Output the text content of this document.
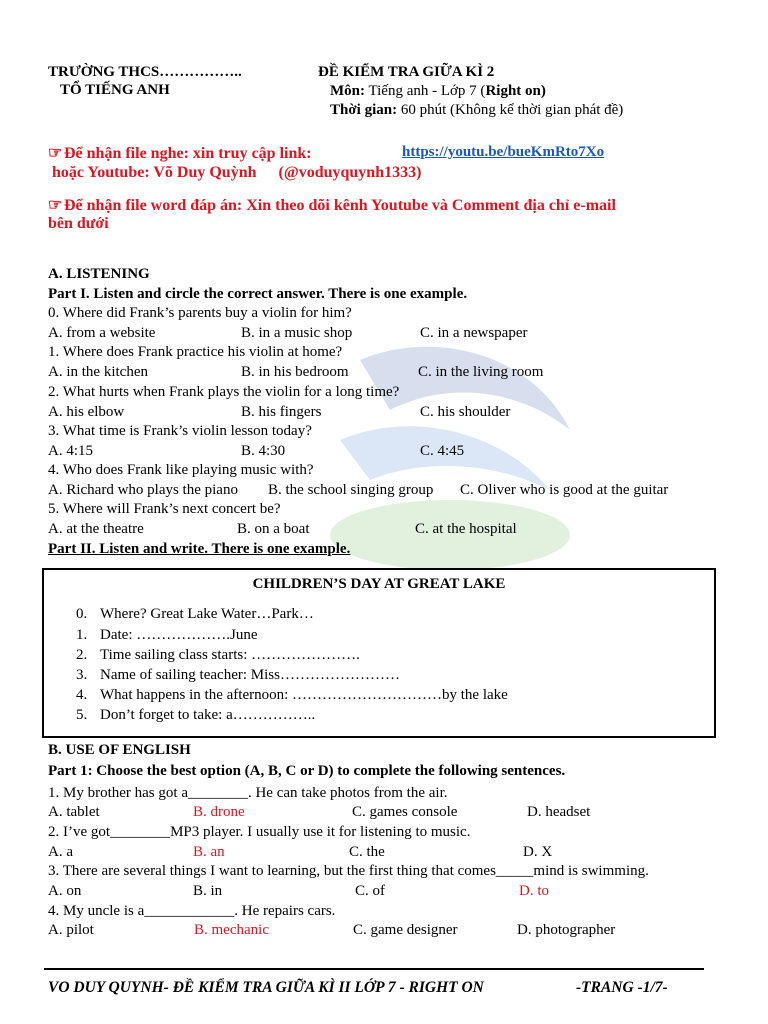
TRƯỜNG THCS……………..
TỔ TIẾNG ANH
ĐỀ KIỂM TRA GIỮA KÌ 2
Môn: Tiếng anh - Lớp 7 (Right on)
Thời gian: 60 phút (Không kể thời gian phát đề)
☞ Để nhận file nghe: xin truy cập link:	https://youtu.be/bueKmRto7Xo
hoặc Youtube: Võ Duy Quỳnh (@voduyquynh1333)
☞ Để nhận file word đáp án: Xin theo dõi kênh Youtube và Comment địa chỉ e-mail
bên dưới
A. LISTENING
Part I. Listen and circle the correct answer. There is one example.
0. Where did Frank’s parents buy a violin for him?
A. from a website	B. in a music shop	C. in a newspaper
1. Where does Frank practice his violin at home?
A. in the kitchen	B. in his bedroom	C. in the living room
2. What hurts when Frank plays the violin for a long time?
A. his elbow	B. his fingers	C. his shoulder
3. What time is Frank’s violin lesson today?
A. 4:15	B. 4:30	C. 4:45
4. Who does Frank like playing music with?
A. Richard who plays the piano B. the school singing group C. Oliver who is good at the guitar
5. Where will Frank’s next concert be?
A. at the theatre	B. on a boat	C. at the hospital
Part II. Listen and write. There is one example.
CHILDREN’S DAY AT GREAT LAKE
0. Where? Great Lake Water…Park…
1. Date: ……………….June
2. Time sailing class starts: ………………….
3. Name of sailing teacher: Miss……………………
4. What happens in the afternoon: …………………………by the lake
5. Don’t forget to take: a……………..
B. USE OF ENGLISH
Part 1: Choose the best option (A, B, C or D) to complete the following sentences.
1. My brother has got a________. He can take photos from the air.
A. tablet	B. drone	C. games console	D. headset
2. I’ve got________MP3 player. I usually use it for listening to music.
A. a	B. an	C. the	D. X
3. There are several things I want to learning, but the first thing that comes_____mind is swimming.
A. on	B. in	C. of	D. to
4. My uncle is a____________. He repairs cars.
A. pilot	B. mechanic	C. game designer	D. photographer
VO DUY QUYNH- ĐỀ KIỂM TRA GIỮA KÌ II LỚP 7 - RIGHT ON	-TRANG -1/7-
